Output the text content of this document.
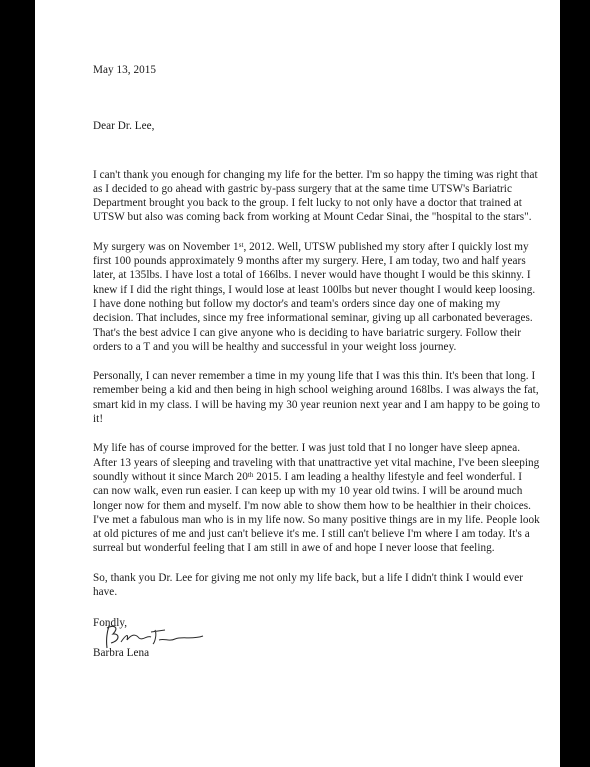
May 13, 2015
Dear Dr. Lee,
I can't thank you enough for changing my life for the better. I'm so happy the timing was right that as I decided to go ahead with gastric by-pass surgery that at the same time UTSW's Bariatric Department brought you back to the group. I felt lucky to not only have a doctor that trained at UTSW but also was coming back from working at Mount Cedar Sinai, the "hospital to the stars".
My surgery was on November 1st, 2012. Well, UTSW published my story after I quickly lost my first 100 pounds approximately 9 months after my surgery. Here, I am today, two and half years later, at 135lbs. I have lost a total of 166lbs. I never would have thought I would be this skinny. I knew if I did the right things, I would lose at least 100lbs but never thought I would keep loosing. I have done nothing but follow my doctor's and team's orders since day one of making my decision. That includes, since my free informational seminar, giving up all carbonated beverages. That's the best advice I can give anyone who is deciding to have bariatric surgery. Follow their orders to a T and you will be healthy and successful in your weight loss journey.
Personally, I can never remember a time in my young life that I was this thin. It's been that long. I remember being a kid and then being in high school weighing around 168lbs. I was always the fat, smart kid in my class. I will be having my 30 year reunion next year and I am happy to be going to it!
My life has of course improved for the better. I was just told that I no longer have sleep apnea. After 13 years of sleeping and traveling with that unattractive yet vital machine, I've been sleeping soundly without it since March 20th 2015. I am leading a healthy lifestyle and feel wonderful. I can now walk, even run easier. I can keep up with my 10 year old twins. I will be around much longer now for them and myself. I'm now able to show them how to be healthier in their choices. I've met a fabulous man who is in my life now. So many positive things are in my life. People look at old pictures of me and just can't believe it's me. I still can't believe I'm where I am today. It's a surreal but wonderful feeling that I am still in awe of and hope I never loose that feeling.
So, thank you Dr. Lee for giving me not only my life back, but a life I didn't think I would ever have.
Fondly,
Barbra Lena
